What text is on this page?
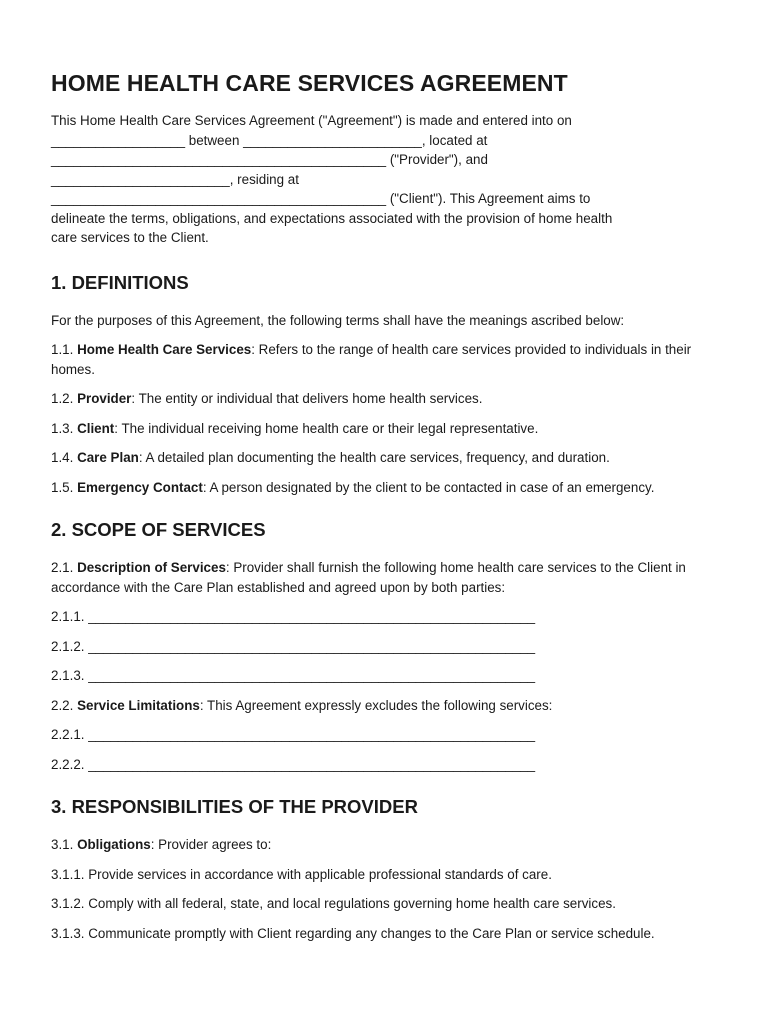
HOME HEALTH CARE SERVICES AGREEMENT

This Home Health Care Services Agreement ("Agreement") is made and entered into on
__________________ between ________________________, located at
_____________________________________________ ("Provider"), and
________________________, residing at
_____________________________________________ ("Client"). This Agreement aims to
delineate the terms, obligations, and expectations associated with the provision of home health
care services to the Client.

1. DEFINITIONS

For the purposes of this Agreement, the following terms shall have the meanings ascribed below:

1.1. Home Health Care Services: Refers to the range of health care services provided to individuals in their homes.

1.2. Provider: The entity or individual that delivers home health services.

1.3. Client: The individual receiving home health care or their legal representative.

1.4. Care Plan: A detailed plan documenting the health care services, frequency, and duration.

1.5. Emergency Contact: A person designated by the client to be contacted in case of an emergency.

2. SCOPE OF SERVICES

2.1. Description of Services: Provider shall furnish the following home health care services to the Client in accordance with the Care Plan established and agreed upon by both parties:

2.1.1. ____________________________________________________________

2.1.2. ____________________________________________________________

2.1.3. ____________________________________________________________

2.2. Service Limitations: This Agreement expressly excludes the following services:

2.2.1. ____________________________________________________________

2.2.2. ____________________________________________________________

3. RESPONSIBILITIES OF THE PROVIDER

3.1. Obligations: Provider agrees to:

3.1.1. Provide services in accordance with applicable professional standards of care.

3.1.2. Comply with all federal, state, and local regulations governing home health care services.

3.1.3. Communicate promptly with Client regarding any changes to the Care Plan or service schedule.
